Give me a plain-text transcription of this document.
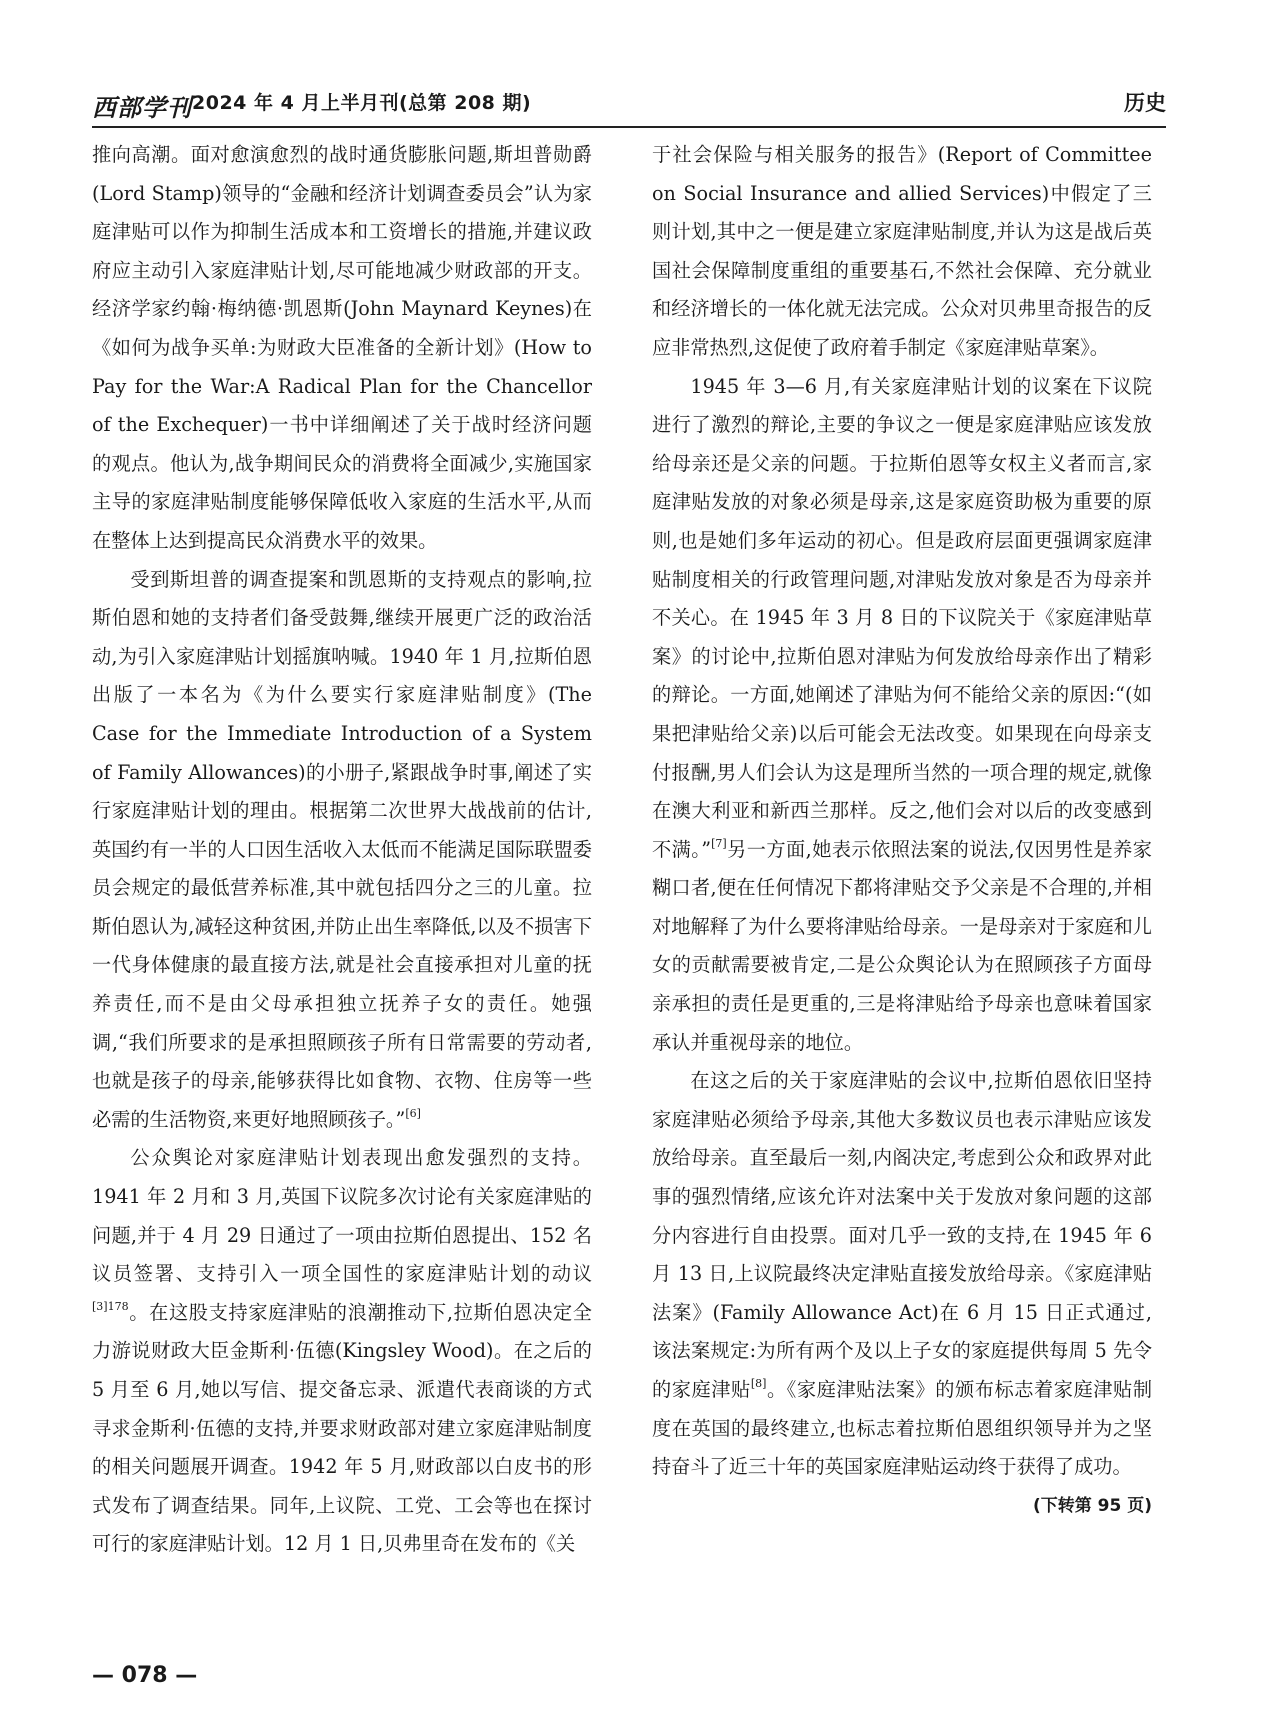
西部学刊 2024 年 4 月上半月刊(总第 208 期)	历史

推向高潮。面对愈演愈烈的战时通货膨胀问题,斯坦普勋爵(Lord Stamp)领导的“金融和经济计划调查委员会”认为家庭津贴可以作为抑制生活成本和工资增长的措施,并建议政府应主动引入家庭津贴计划,尽可能地减少财政部的开支。经济学家约翰·梅纳德·凯恩斯(John Maynard Keynes)在《如何为战争买单:为财政大臣准备的全新计划》(How to Pay for the War:A Radical Plan for the Chancellor of the Exchequer)一书中详细阐述了关于战时经济问题的观点。他认为,战争期间民众的消费将全面减少,实施国家主导的家庭津贴制度能够保障低收入家庭的生活水平,从而在整体上达到提高民众消费水平的效果。

受到斯坦普的调查提案和凯恩斯的支持观点的影响,拉斯伯恩和她的支持者们备受鼓舞,继续开展更广泛的政治活动,为引入家庭津贴计划摇旗呐喊。1940 年 1 月,拉斯伯恩出版了一本名为《为什么要实行家庭津贴制度》(The Case for the Immediate Introduction of a System of Family Allowances)的小册子,紧跟战争时事,阐述了实行家庭津贴计划的理由。根据第二次世界大战战前的估计,英国约有一半的人口因生活收入太低而不能满足国际联盟委员会规定的最低营养标准,其中就包括四分之三的儿童。拉斯伯恩认为,减轻这种贫困,并防止出生率降低,以及不损害下一代身体健康的最直接方法,就是社会直接承担对儿童的抚养责任,而不是由父母承担独立抚养子女的责任。她强调,“我们所要求的是承担照顾孩子所有日常需要的劳动者,也就是孩子的母亲,能够获得比如食物、衣物、住房等一些必需的生活物资,来更好地照顾孩子。”[6]

公众舆论对家庭津贴计划表现出愈发强烈的支持。1941 年 2 月和 3 月,英国下议院多次讨论有关家庭津贴的问题,并于 4 月 29 日通过了一项由拉斯伯恩提出、152 名议员签署、支持引入一项全国性的家庭津贴计划的动议$^{[3]178}$。在这股支持家庭津贴的浪潮推动下,拉斯伯恩决定全力游说财政大臣金斯利·伍德(Kingsley Wood)。在之后的 5 月至 6 月,她以写信、提交备忘录、派遣代表商谈的方式寻求金斯利·伍德的支持,并要求财政部对建立家庭津贴制度的相关问题展开调查。1942 年 5 月,财政部以白皮书的形式发布了调查结果。同年,上议院、工党、工会等也在探讨可行的家庭津贴计划。12 月 1 日,贝弗里奇在发布的《关

于社会保险与相关服务的报告》(Report of Committee on Social Insurance and allied Services)中假定了三则计划,其中之一便是建立家庭津贴制度,并认为这是战后英国社会保障制度重组的重要基石,不然社会保障、充分就业和经济增长的一体化就无法完成。公众对贝弗里奇报告的反应非常热烈,这促使了政府着手制定《家庭津贴草案》。

1945 年 3—6 月,有关家庭津贴计划的议案在下议院进行了激烈的辩论,主要的争议之一便是家庭津贴应该发放给母亲还是父亲的问题。于拉斯伯恩等女权主义者而言,家庭津贴发放的对象必须是母亲,这是家庭资助极为重要的原则,也是她们多年运动的初心。但是政府层面更强调家庭津贴制度相关的行政管理问题,对津贴发放对象是否为母亲并不关心。在 1945 年 3 月 8 日的下议院关于《家庭津贴草案》的讨论中,拉斯伯恩对津贴为何发放给母亲作出了精彩的辩论。一方面,她阐述了津贴为何不能给父亲的原因:“(如果把津贴给父亲)以后可能会无法改变。如果现在向母亲支付报酬,男人们会认为这是理所当然的一项合理的规定,就像在澳大利亚和新西兰那样。反之,他们会对以后的改变感到不满。”[7]另一方面,她表示依照法案的说法,仅因男性是养家糊口者,便在任何情况下都将津贴交予父亲是不合理的,并相对地解释了为什么要将津贴给母亲。一是母亲对于家庭和儿女的贡献需要被肯定,二是公众舆论认为在照顾孩子方面母亲承担的责任是更重的,三是将津贴给予母亲也意味着国家承认并重视母亲的地位。

在这之后的关于家庭津贴的会议中,拉斯伯恩依旧坚持家庭津贴必须给予母亲,其他大多数议员也表示津贴应该发放给母亲。直至最后一刻,内阁决定,考虑到公众和政界对此事的强烈情绪,应该允许对法案中关于发放对象问题的这部分内容进行自由投票。面对几乎一致的支持,在 1945 年 6 月 13 日,上议院最终决定津贴直接发放给母亲。《家庭津贴法案》(Family Allowance Act)在 6 月 15 日正式通过,该法案规定:为所有两个及以上子女的家庭提供每周 5 先令的家庭津贴[8]。《家庭津贴法案》的颁布标志着家庭津贴制度在英国的最终建立,也标志着拉斯伯恩组织领导并为之坚持奋斗了近三十年的英国家庭津贴运动终于获得了成功。
(下转第 95 页)

— 078 —
